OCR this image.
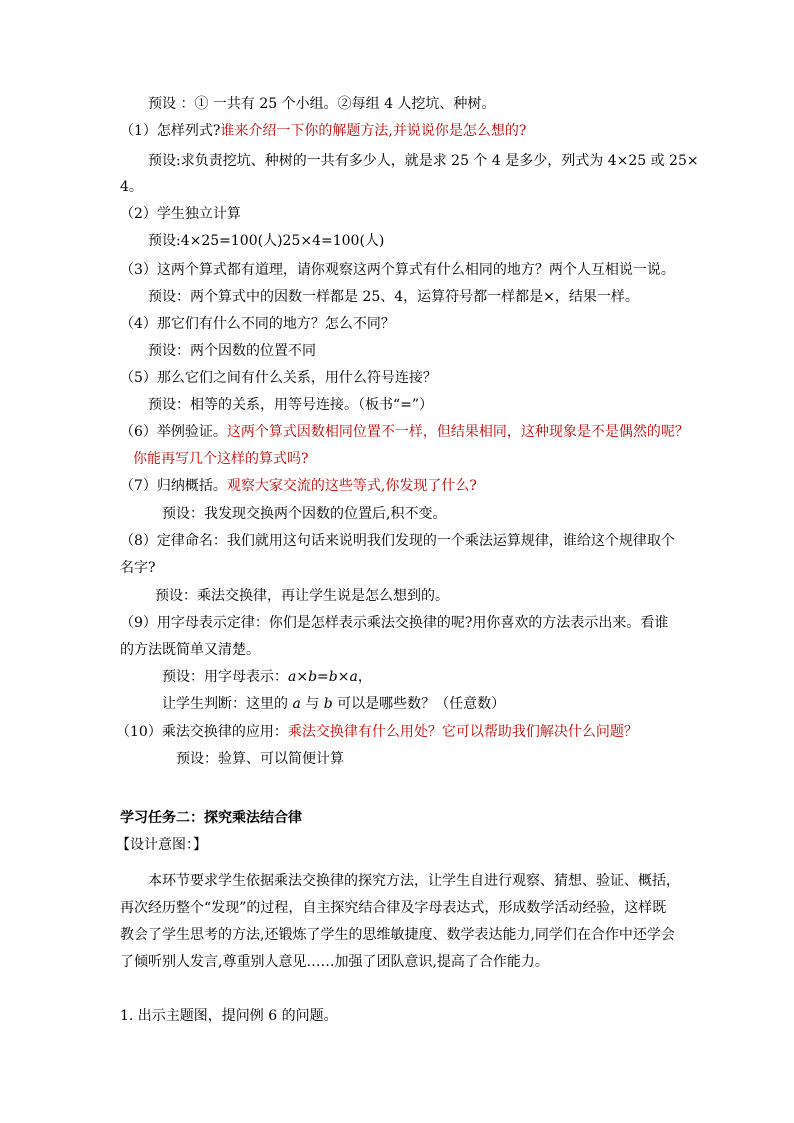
预设 ：① 一共有 25 个小组。②每组 4 人挖坑、种树。
（1）怎样列式?谁来介绍一下你的解题方法,并说说你是怎么想的?
预设:求负责挖坑、种树的一共有多少人，就是求 25 个 4 是多少，列式为 4×25 或 25×
4。
（2）学生独立计算
预设:4×25=100(人)25×4=100(人)
（3）这两个算式都有道理，请你观察这两个算式有什么相同的地方？两个人互相说一说。
预设：两个算式中的因数一样都是 25、4，运算符号都一样都是×，结果一样。
（4）那它们有什么不同的地方？怎么不同？
预设：两个因数的位置不同
（5）那么它们之间有什么关系，用什么符号连接？
预设：相等的关系，用等号连接。（板书“=”）
（6）举例验证。这两个算式因数相同位置不一样，但结果相同，这种现象是不是偶然的呢？
你能再写几个这样的算式吗?
（7）归纳概括。观察大家交流的这些等式,你发现了什么?
预设：我发现交换两个因数的位置后,积不变。
（8）定律命名：我们就用这句话来说明我们发现的一个乘法运算规律，谁给这个规律取个
名字?
预设：乘法交换律，再让学生说是怎么想到的。
（9）用字母表示定律：你们是怎样表示乘法交换律的呢?用你喜欢的方法表示出来。看谁
的方法既简单又清楚。
预设：用字母表示：a×b=b×a，
让学生判断：这里的 a 与 b 可以是哪些数？（任意数）
（10）乘法交换律的应用：乘法交换律有什么用处？它可以帮助我们解决什么问题？
预设：验算、可以简便计算
学习任务二：探究乘法结合律
【设计意图：】
本环节要求学生依据乘法交换律的探究方法，让学生自进行观察、猜想、验证、概括，
再次经历整个“发现”的过程，自主探究结合律及字母表达式，形成数学活动经验，这样既
教会了学生思考的方法,还锻炼了学生的思维敏捷度、数学表达能力,同学们在合作中还学会
了倾听别人发言,尊重别人意见……加强了团队意识,提高了合作能力。
1. 出示主题图，提问例 6 的问题。
